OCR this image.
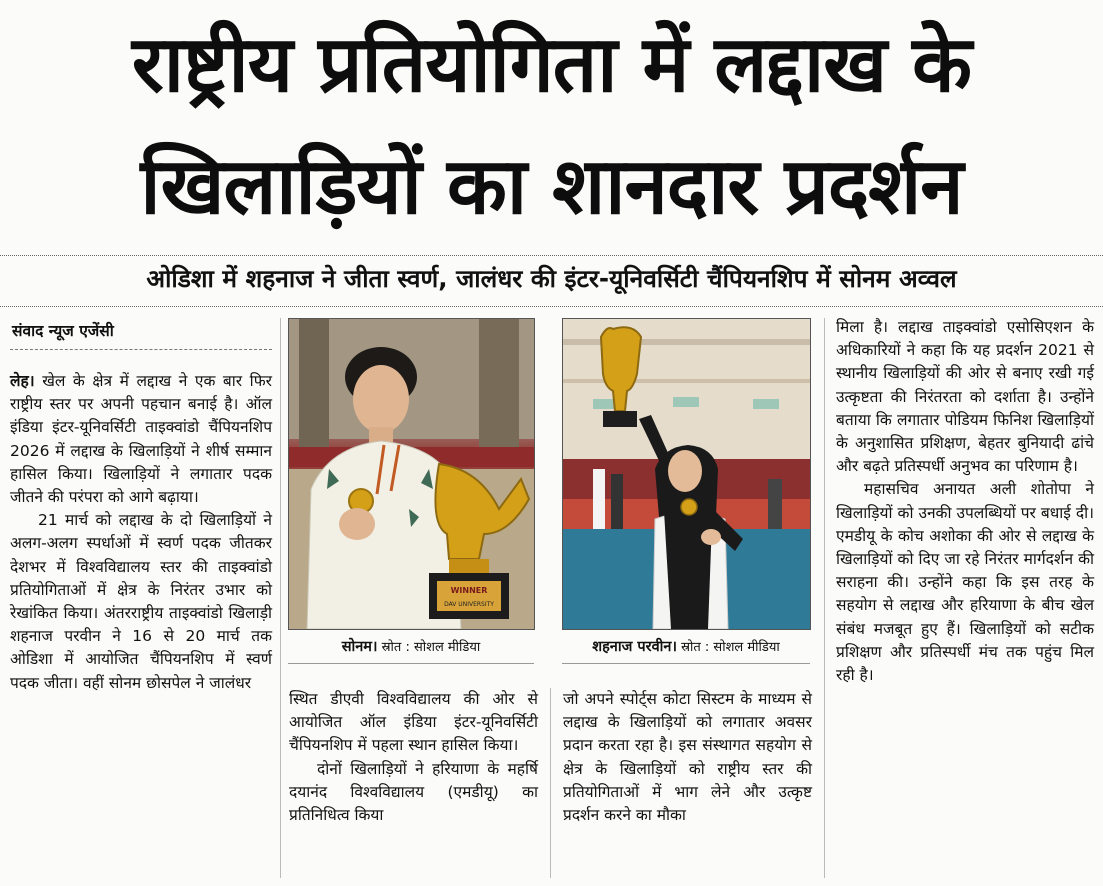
राष्ट्रीय प्रतियोगिता में लद्दाख के
खिलाड़ियों का शानदार प्रदर्शन
ओडिशा में शहनाज ने जीता स्वर्ण, जालंधर की इंटर-यूनिवर्सिटी चैंपियनशिप में सोनम अव्वल
संवाद न्यूज एजेंसी

लेह। खेल के क्षेत्र में लद्दाख ने एक बार फिर राष्ट्रीय स्तर पर अपनी पहचान बनाई है। ऑल इंडिया इंटर-यूनिवर्सिटी ताइक्वांडो चैंपियनशिप 2026 में लद्दाख के खिलाड़ियों ने शीर्ष सम्मान हासिल किया। खिलाड़ियों ने लगातार पदक जीतने की परंपरा को आगे बढ़ाया।

21 मार्च को लद्दाख के दो खिलाड़ियों ने अलग-अलग स्पर्धाओं में स्वर्ण पदक जीतकर देशभर में विश्वविद्यालय स्तर की ताइक्वांडो प्रतियोगिताओं में क्षेत्र के निरंतर उभार को रेखांकित किया। अंतरराष्ट्रीय ताइक्वांडो खिलाड़ी शहनाज परवीन ने 16 से 20 मार्च तक ओडिशा में आयोजित चैंपियनशिप में स्वर्ण पदक जीता। वहीं सोनम छोसपेल ने जालंधर

WINNER
DAV UNIVERSITY
सोनम। स्रोत : सोशल मीडिया	शहनाज परवीन। स्रोत : सोशल मीडिया

स्थित डीएवी विश्वविद्यालय की ओर से आयोजित ऑल इंडिया इंटर-यूनिवर्सिटी चैंपियनशिप में पहला स्थान हासिल किया।

दोनों खिलाड़ियों ने हरियाणा के महर्षि दयानंद विश्वविद्यालय (एमडीयू) का प्रतिनिधित्व किया

जो अपने स्पोर्ट्स कोटा सिस्टम के माध्यम से लद्दाख के खिलाड़ियों को लगातार अवसर प्रदान करता रहा है। इस संस्थागत सहयोग से क्षेत्र के खिलाड़ियों को राष्ट्रीय स्तर की प्रतियोगिताओं में भाग लेने और उत्कृष्ट प्रदर्शन करने का मौका

मिला है। लद्दाख ताइक्वांडो एसोसिएशन के अधिकारियों ने कहा कि यह प्रदर्शन 2021 से स्थानीय खिलाड़ियों की ओर से बनाए रखी गई उत्कृष्टता की निरंतरता को दर्शाता है। उन्होंने बताया कि लगातार पोडियम फिनिश खिलाड़ियों के अनुशासित प्रशिक्षण, बेहतर बुनियादी ढांचे और बढ़ते प्रतिस्पर्धी अनुभव का परिणाम है।

महासचिव अनायत अली शोतोपा ने खिलाड़ियों को उनकी उपलब्धियों पर बधाई दी। एमडीयू के कोच अशोका की ओर से लद्दाख के खिलाड़ियों को दिए जा रहे निरंतर मार्गदर्शन की सराहना की। उन्होंने कहा कि इस तरह के सहयोग से लद्दाख और हरियाणा के बीच खेल संबंध मजबूत हुए हैं। खिलाड़ियों को सटीक प्रशिक्षण और प्रतिस्पर्धी मंच तक पहुंच मिल रही है।
